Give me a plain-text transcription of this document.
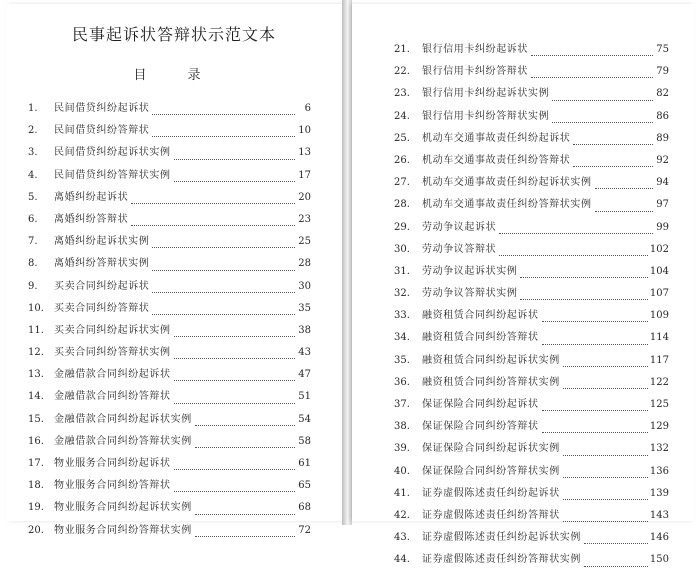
民事起诉状答辩状示范文本
目　录
1.	民间借贷纠纷起诉状	6
2.	民间借贷纠纷答辩状	10
3.	民间借贷纠纷起诉状实例	13
4.	民间借贷纠纷答辩状实例	17
5.	离婚纠纷起诉状	20
6.	离婚纠纷答辩状	23
7.	离婚纠纷起诉状实例	25
8.	离婚纠纷答辩状实例	28
9.	买卖合同纠纷起诉状	30
10.	买卖合同纠纷答辩状	35
11.	买卖合同纠纷起诉状实例	38
12.	买卖合同纠纷答辩状实例	43
13.	金融借款合同纠纷起诉状	47
14.	金融借款合同纠纷答辩状	51
15.	金融借款合同纠纷起诉状实例	54
16.	金融借款合同纠纷答辩状实例	58
17.	物业服务合同纠纷起诉状	61
18.	物业服务合同纠纷答辩状	65
19.	物业服务合同纠纷起诉状实例	68
20.	物业服务合同纠纷答辩状实例	72
21.	银行信用卡纠纷起诉状	75
22.	银行信用卡纠纷答辩状	79
23.	银行信用卡纠纷起诉状实例	82
24.	银行信用卡纠纷答辩状实例	86
25.	机动车交通事故责任纠纷起诉状	89
26.	机动车交通事故责任纠纷答辩状	92
27.	机动车交通事故责任纠纷起诉状实例	94
28.	机动车交通事故责任纠纷答辩状实例	97
29.	劳动争议起诉状	99
30.	劳动争议答辩状	102
31.	劳动争议起诉状实例	104
32.	劳动争议答辩状实例	107
33.	融资租赁合同纠纷起诉状	109
34.	融资租赁合同纠纷答辩状	114
35.	融资租赁合同纠纷起诉状实例	117
36.	融资租赁合同纠纷答辩状实例	122
37.	保证保险合同纠纷起诉状	125
38.	保证保险合同纠纷答辩状	129
39.	保证保险合同纠纷起诉状实例	132
40.	保证保险合同纠纷答辩状实例	136
41.	证券虚假陈述责任纠纷起诉状	139
42.	证券虚假陈述责任纠纷答辩状	143
43.	证券虚假陈述责任纠纷起诉状实例	146
44.	证券虚假陈述责任纠纷答辩状实例	150
